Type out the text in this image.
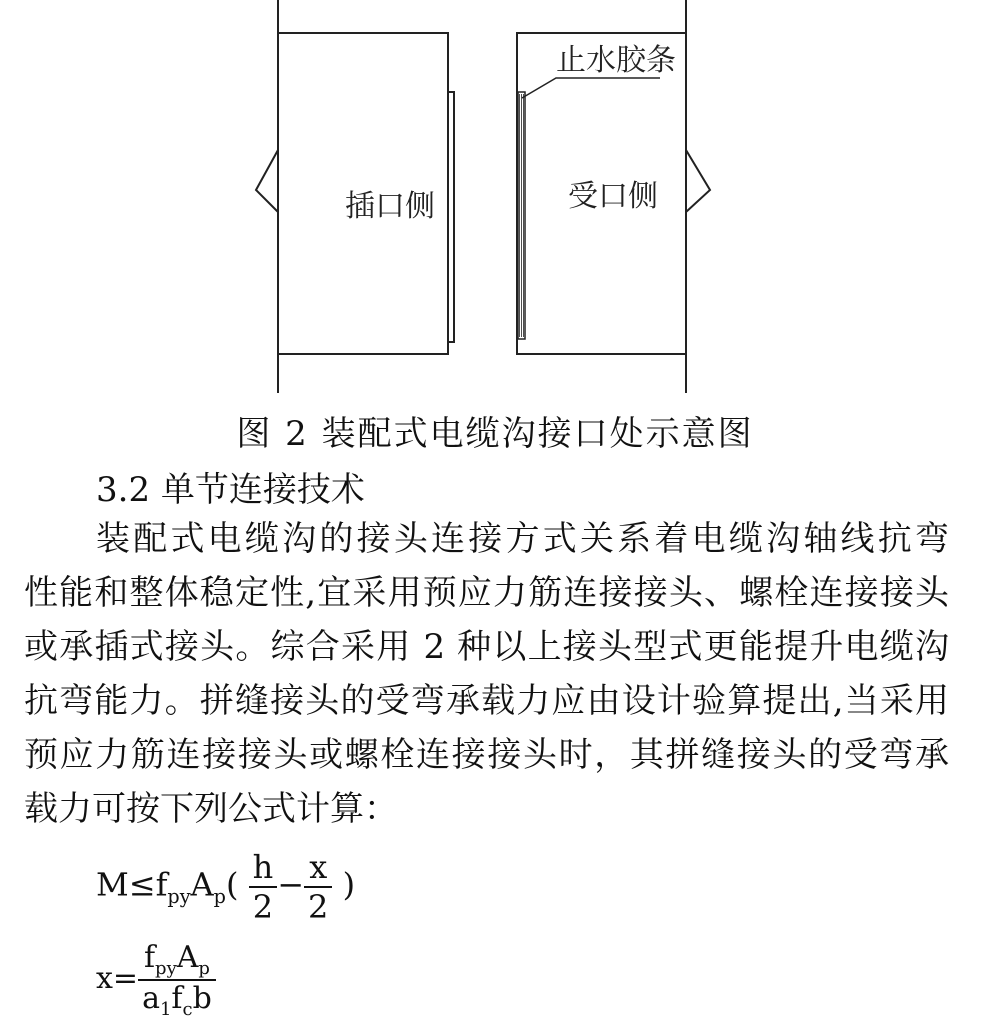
止水胶条
插口侧	受口侧
图 2 装配式电缆沟接口处示意图
3.2 单节连接技术
装配式电缆沟的接头连接方式关系着电缆沟轴线抗弯
性能和整体稳定性,宜采用预应力筋连接接头、螺栓连接接头
或承插式接头。综合采用 2 种以上接头型式更能提升电缆沟
抗弯能力。拼缝接头的受弯承载力应由设计验算提出,当采用
预应力筋连接接头或螺栓连接接头时，其拼缝接头的受弯承
载力可按下列公式计算：
$M\le f_{py}A_p( \frac{h}{2} - \frac{x}{2}$ )
$x= \frac{f_{py}A_p}{a_1f_cb}$
